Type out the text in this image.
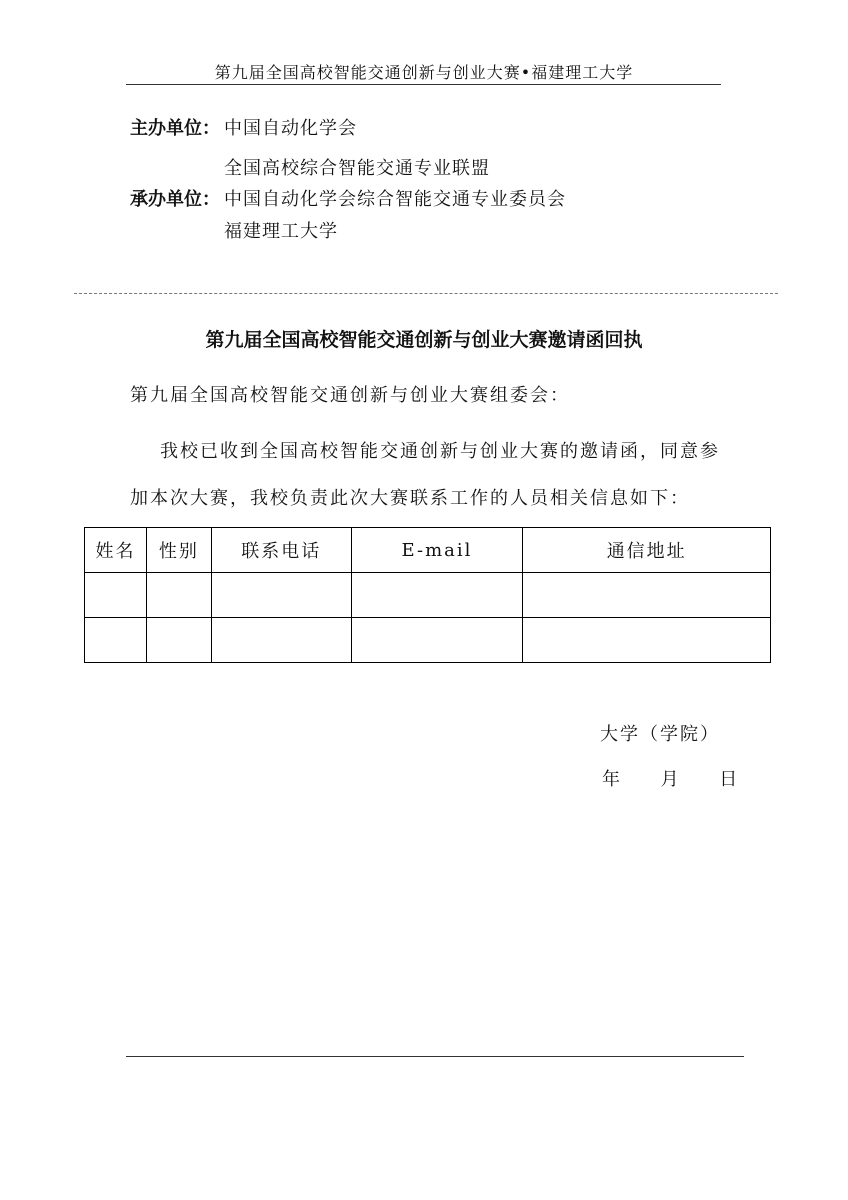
第九届全国高校智能交通创新与创业大赛•福建理工大学
主办单位： 中国自动化学会
全国高校综合智能交通专业联盟
承办单位： 中国自动化学会综合智能交通专业委员会
福建理工大学
第九届全国高校智能交通创新与创业大赛邀请函回执
第九届全国高校智能交通创新与创业大赛组委会：
我校已收到全国高校智能交通创新与创业大赛的邀请函，同意参
加本次大赛，我校负责此次大赛联系工作的人员相关信息如下：
姓名	性别	联系电话	E-mail	通信地址

大学（学院）
年     月     日
